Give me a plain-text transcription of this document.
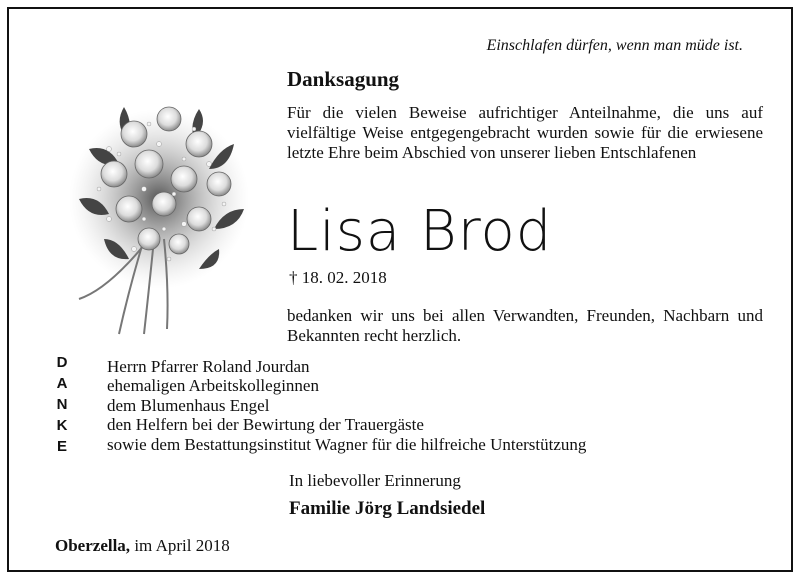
Einschlafen dürfen, wenn man müde ist.
Danksagung
Für die vielen Beweise aufrichtiger Anteilnahme, die uns auf vielfältige Weise entgegengebracht wurden sowie für die erwiesene letzte Ehre beim Abschied von unserer lieben Entschlafenen
Lisa Brod
† 18. 02. 2018
bedanken wir uns bei allen Verwandten, Freunden, Nachbarn und Bekannten recht herzlich.
D
A
N
K
E
Herrn Pfarrer Roland Jourdan
ehemaligen Arbeitskolleginnen
dem Blumenhaus Engel
den Helfern bei der Bewirtung der Trauergäste
sowie dem Bestattungsinstitut Wagner für die hilfreiche Unterstützung
In liebevoller Erinnerung
Familie Jörg Landsiedel
Oberzella, im April 2018
